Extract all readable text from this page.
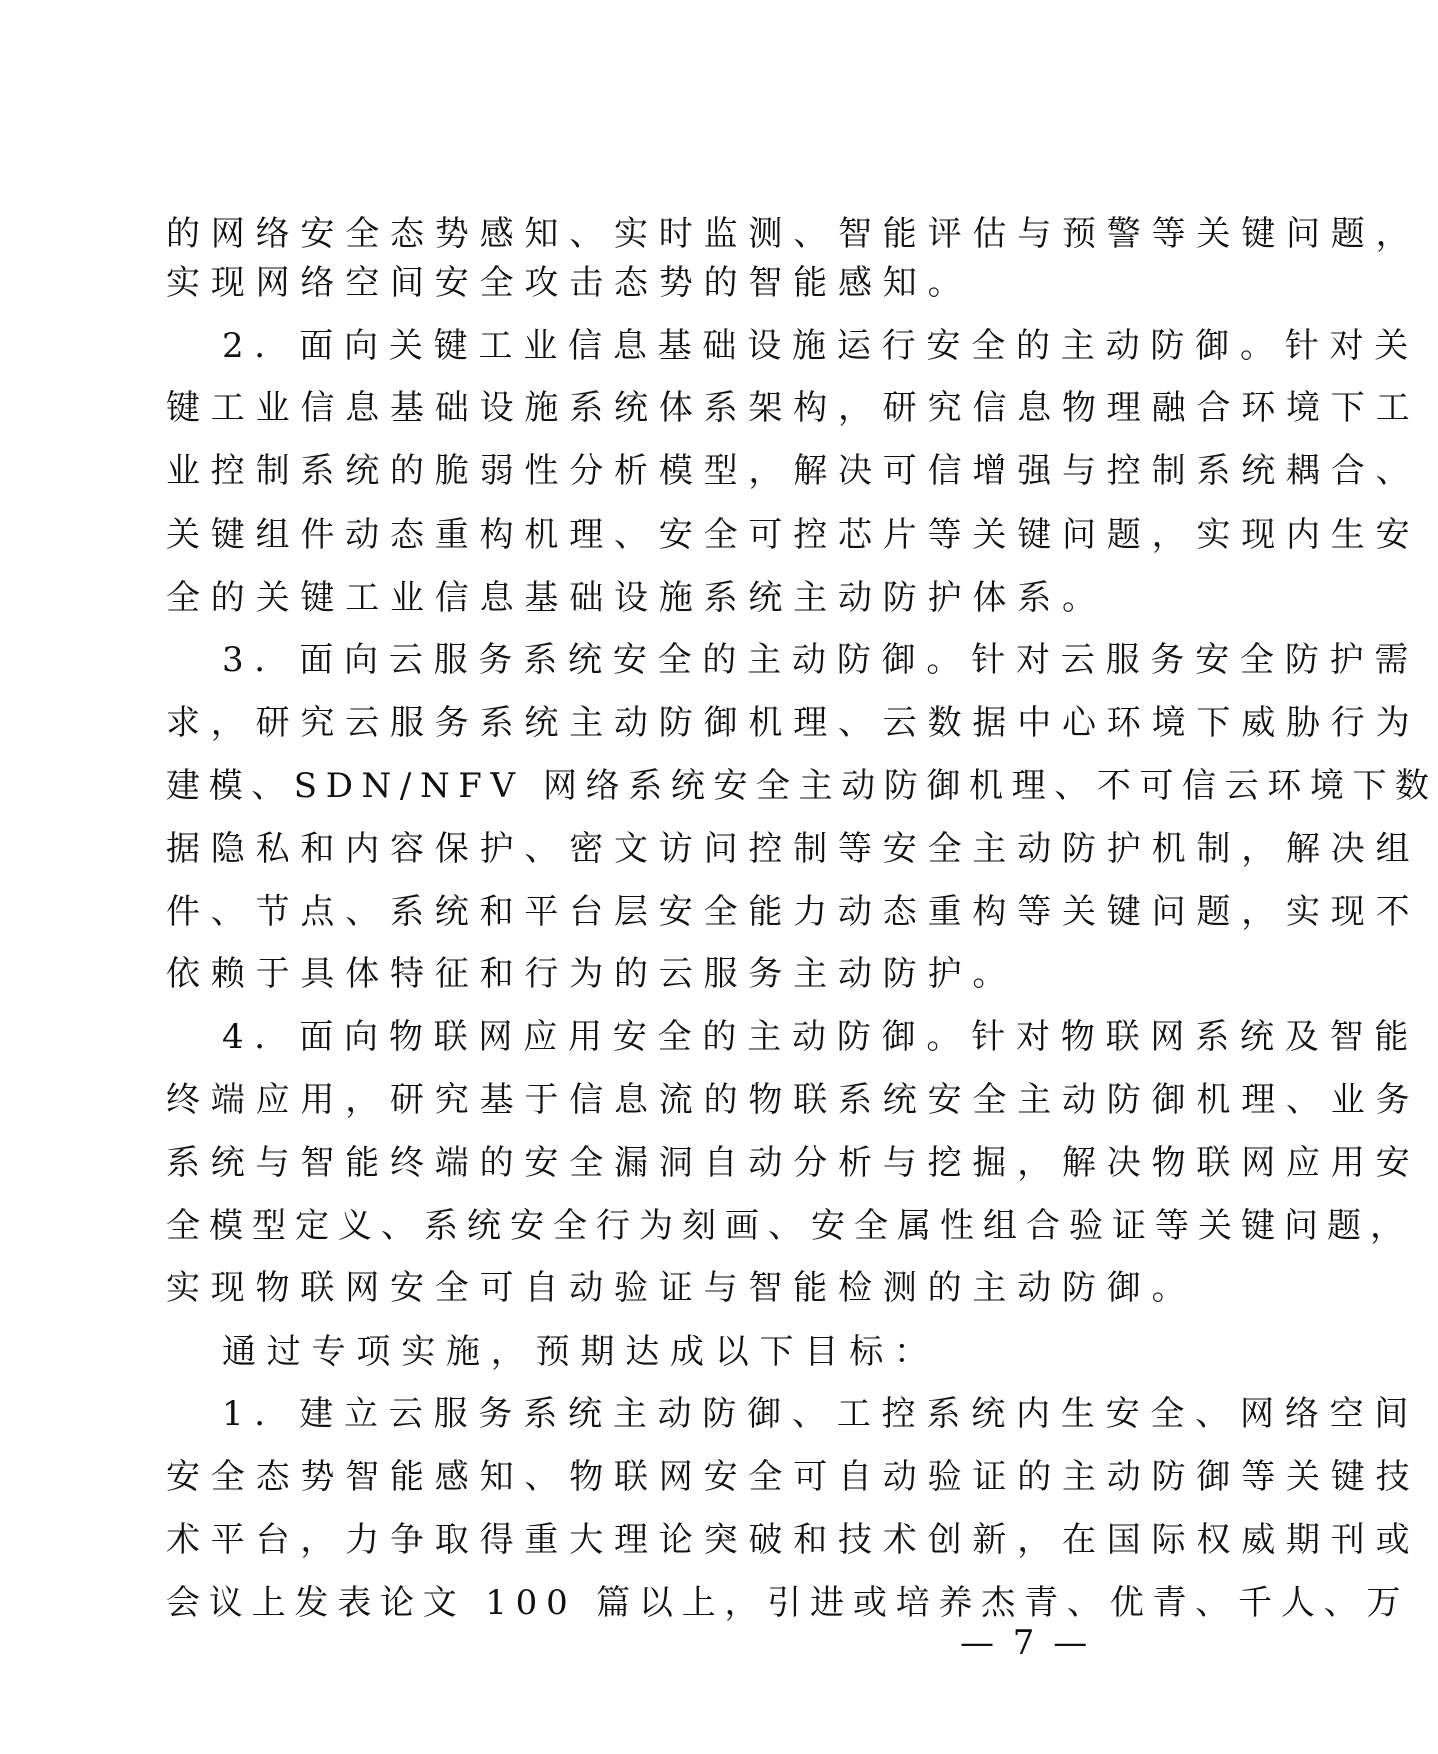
的网络安全态势感知、实时监测、智能评估与预警等关键问题，
实现网络空间安全攻击态势的智能感知。
2．面向关键工业信息基础设施运行安全的主动防御。针对关
键工业信息基础设施系统体系架构，研究信息物理融合环境下工
业控制系统的脆弱性分析模型，解决可信增强与控制系统耦合、
关键组件动态重构机理、安全可控芯片等关键问题，实现内生安
全的关键工业信息基础设施系统主动防护体系。
3．面向云服务系统安全的主动防御。针对云服务安全防护需
求，研究云服务系统主动防御机理、云数据中心环境下威胁行为
建模、SDN/NFV 网络系统安全主动防御机理、不可信云环境下数
据隐私和内容保护、密文访问控制等安全主动防护机制，解决组
件、节点、系统和平台层安全能力动态重构等关键问题，实现不
依赖于具体特征和行为的云服务主动防护。
4．面向物联网应用安全的主动防御。针对物联网系统及智能
终端应用，研究基于信息流的物联系统安全主动防御机理、业务
系统与智能终端的安全漏洞自动分析与挖掘，解决物联网应用安
全模型定义、系统安全行为刻画、安全属性组合验证等关键问题，
实现物联网安全可自动验证与智能检测的主动防御。
通过专项实施，预期达成以下目标：
1．建立云服务系统主动防御、工控系统内生安全、网络空间
安全态势智能感知、物联网安全可自动验证的主动防御等关键技
术平台，力争取得重大理论突破和技术创新，在国际权威期刊或
会议上发表论文 100 篇以上，引进或培养杰青、优青、千人、万
— 7 —
